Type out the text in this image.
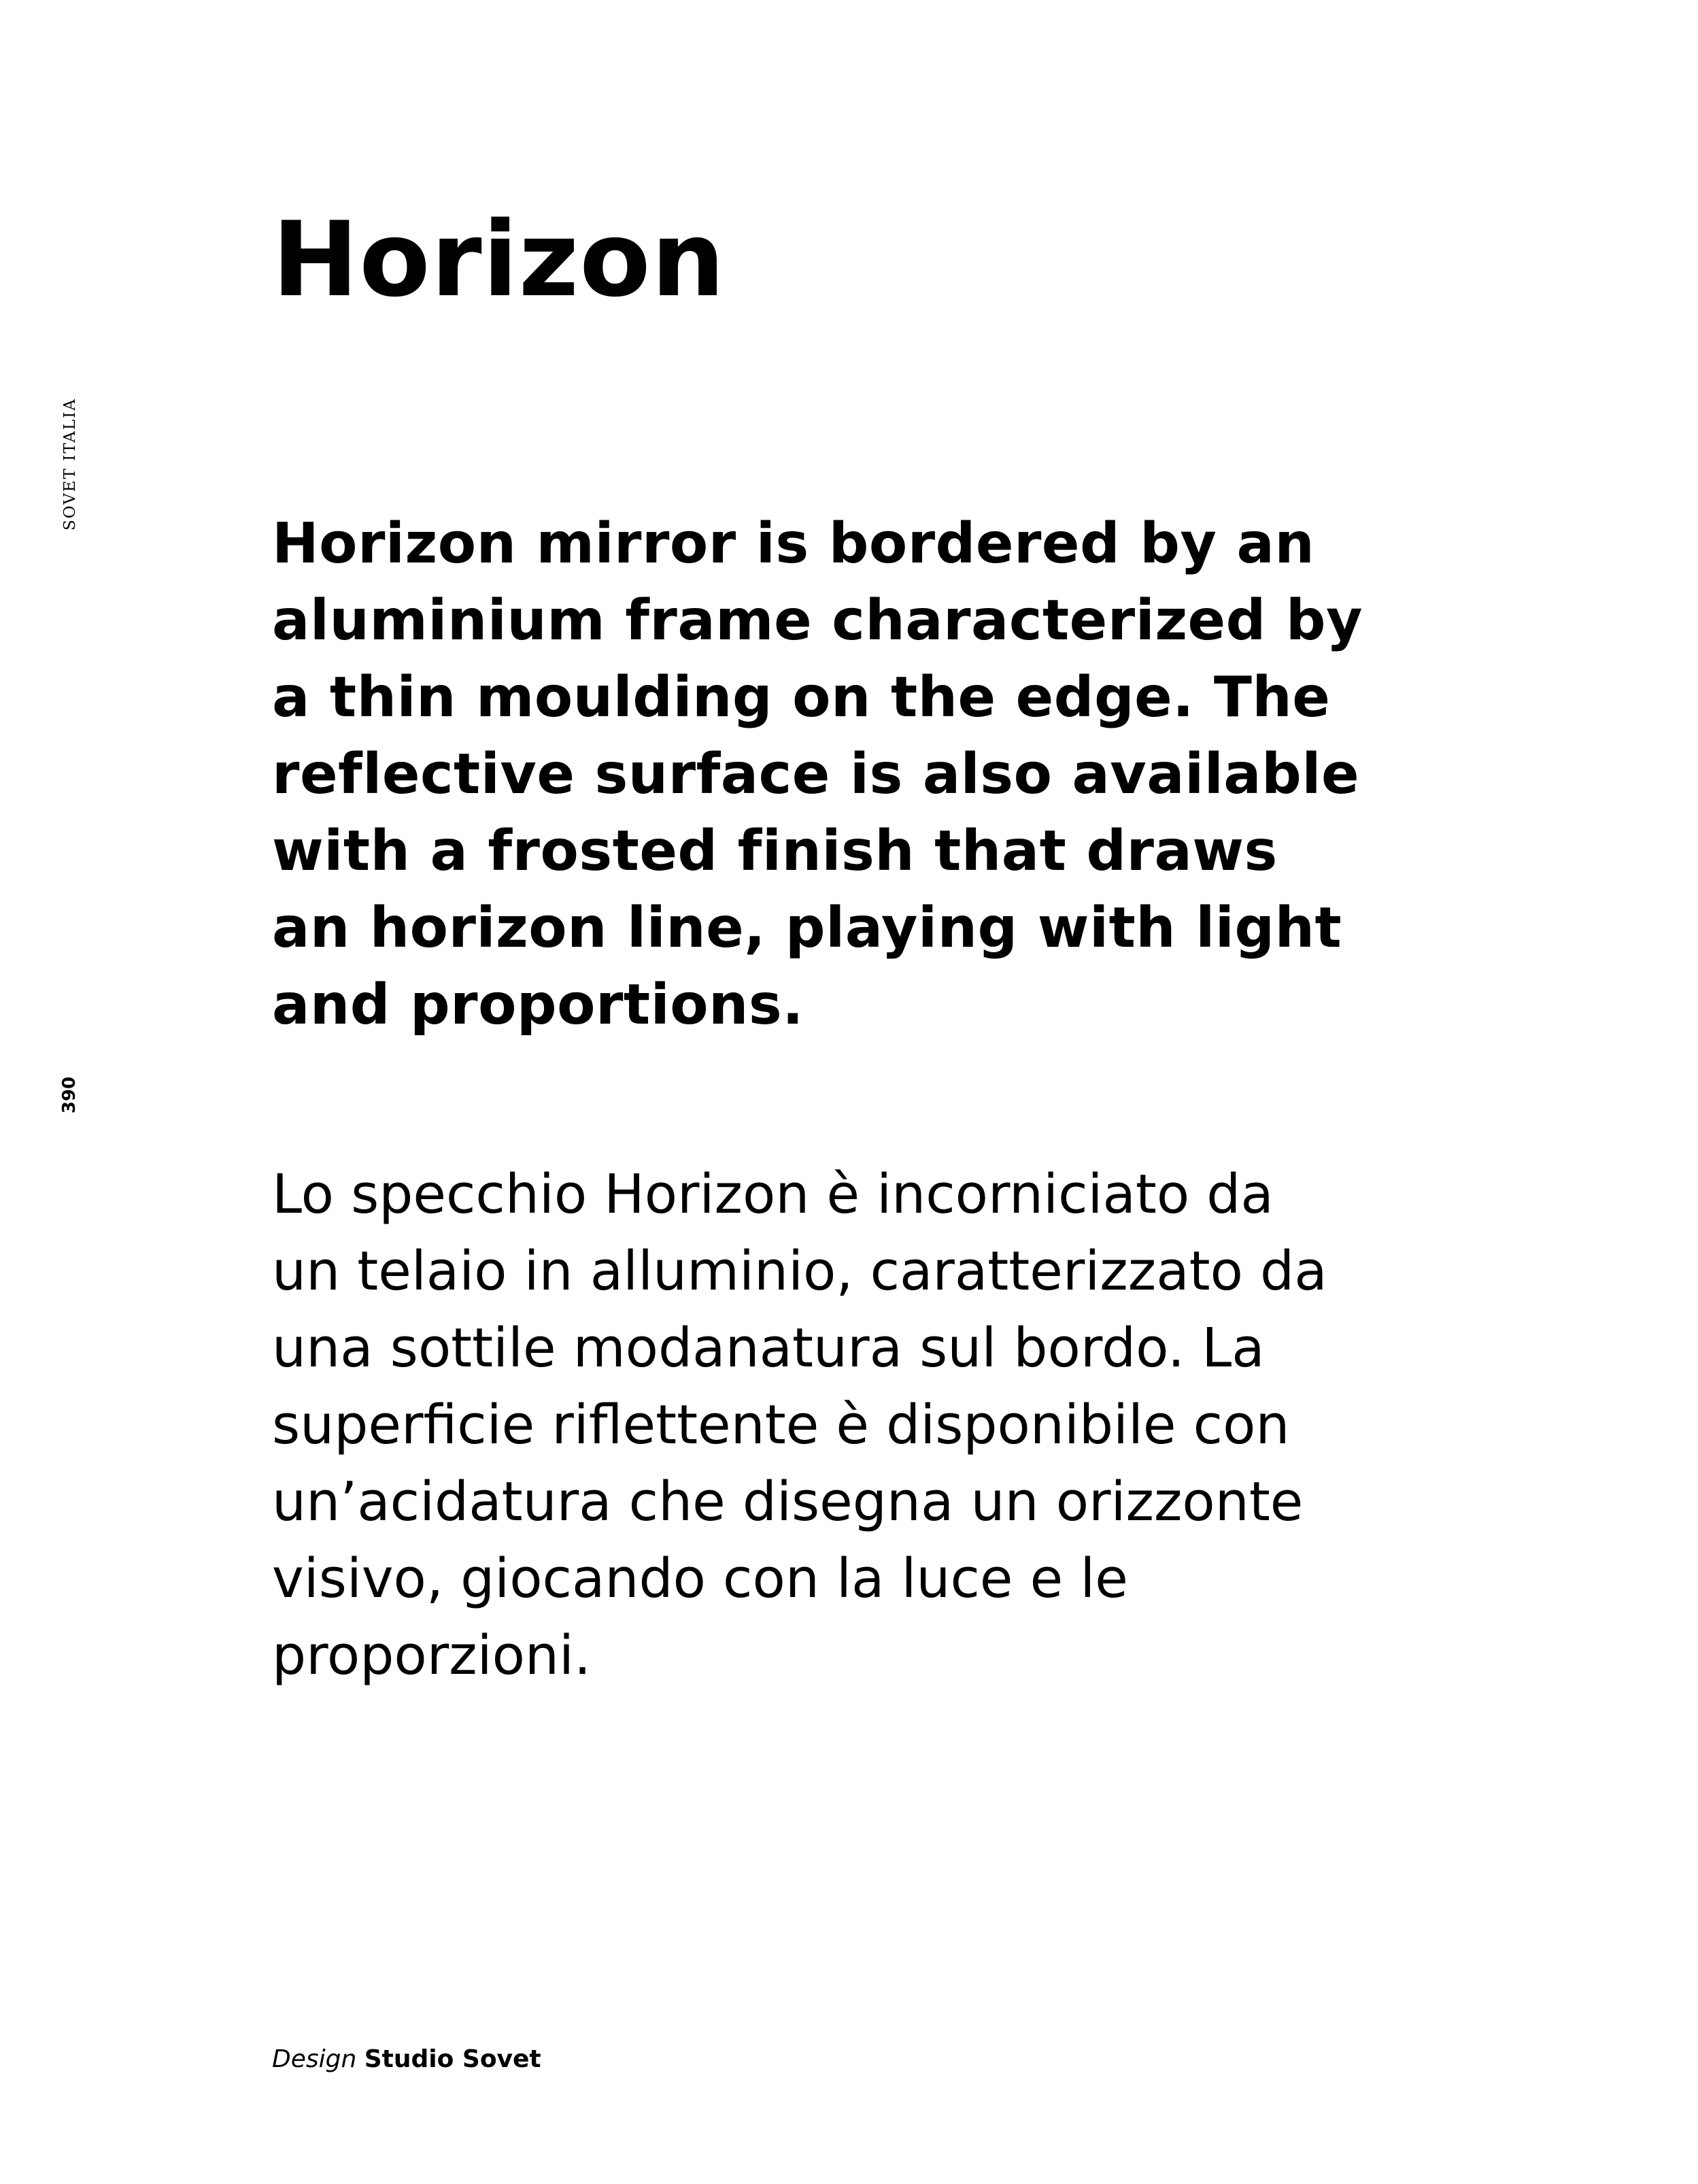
SOVET ITALIA
390
Horizon

Horizon mirror is bordered by an
aluminium frame characterized by
a thin moulding on the edge. The
reflective surface is also available
with a frosted finish that draws
an horizon line, playing with light
and proportions.

Lo specchio Horizon è incorniciato da
un telaio in alluminio, caratterizzato da
una sottile modanatura sul bordo. La
superficie riflettente è disponibile con
un’acidatura che disegna un orizzonte
visivo, giocando con la luce e le
proporzioni.

Design Studio Sovet
